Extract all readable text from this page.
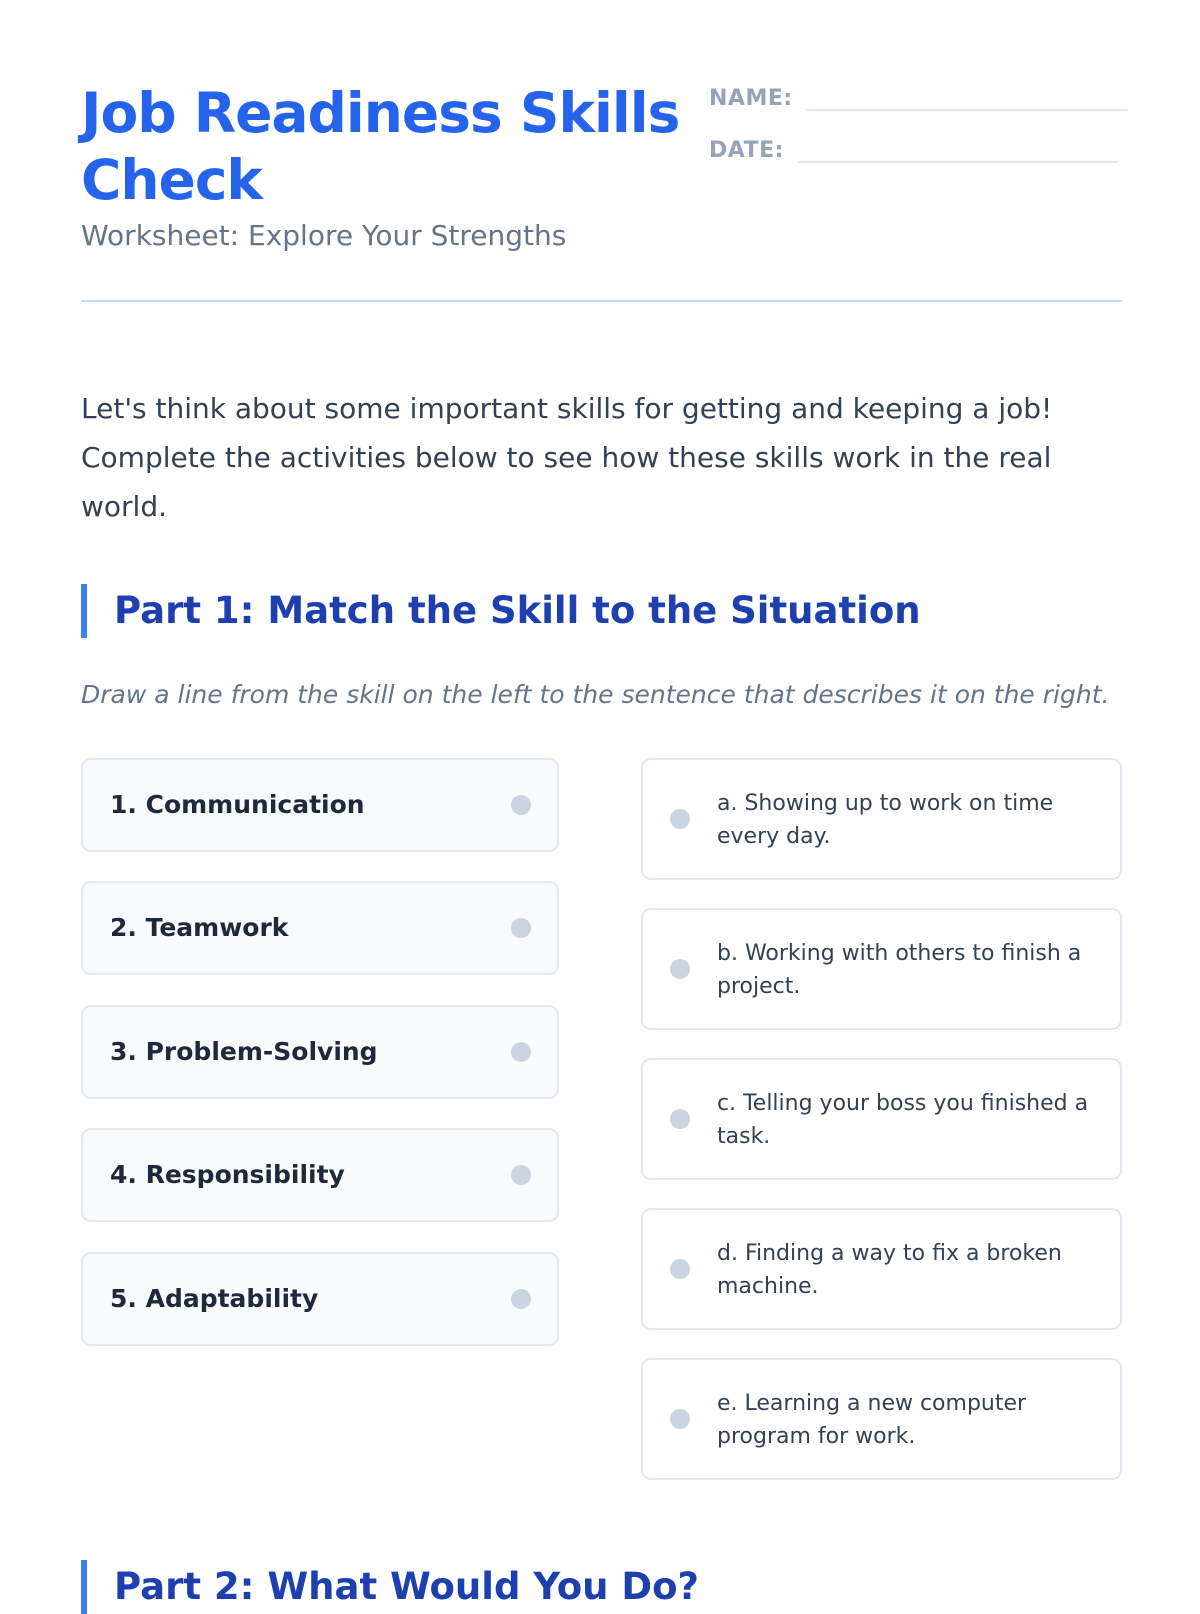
Job Readiness Skills Check
Worksheet: Explore Your Strengths
NAME:
DATE:

Let's think about some important skills for getting and keeping a job! Complete the activities below to see how these skills work in the real world.

Part 1: Match the Skill to the Situation
Draw a line from the skill on the left to the sentence that describes it on the right.
1. Communication
2. Teamwork
3. Problem-Solving
4. Responsibility
5. Adaptability
a. Showing up to work on time every day.
b. Working with others to finish a project.
c. Telling your boss you finished a task.
d. Finding a way to fix a broken machine.
e. Learning a new computer program for work.
Part 2: What Would You Do?
